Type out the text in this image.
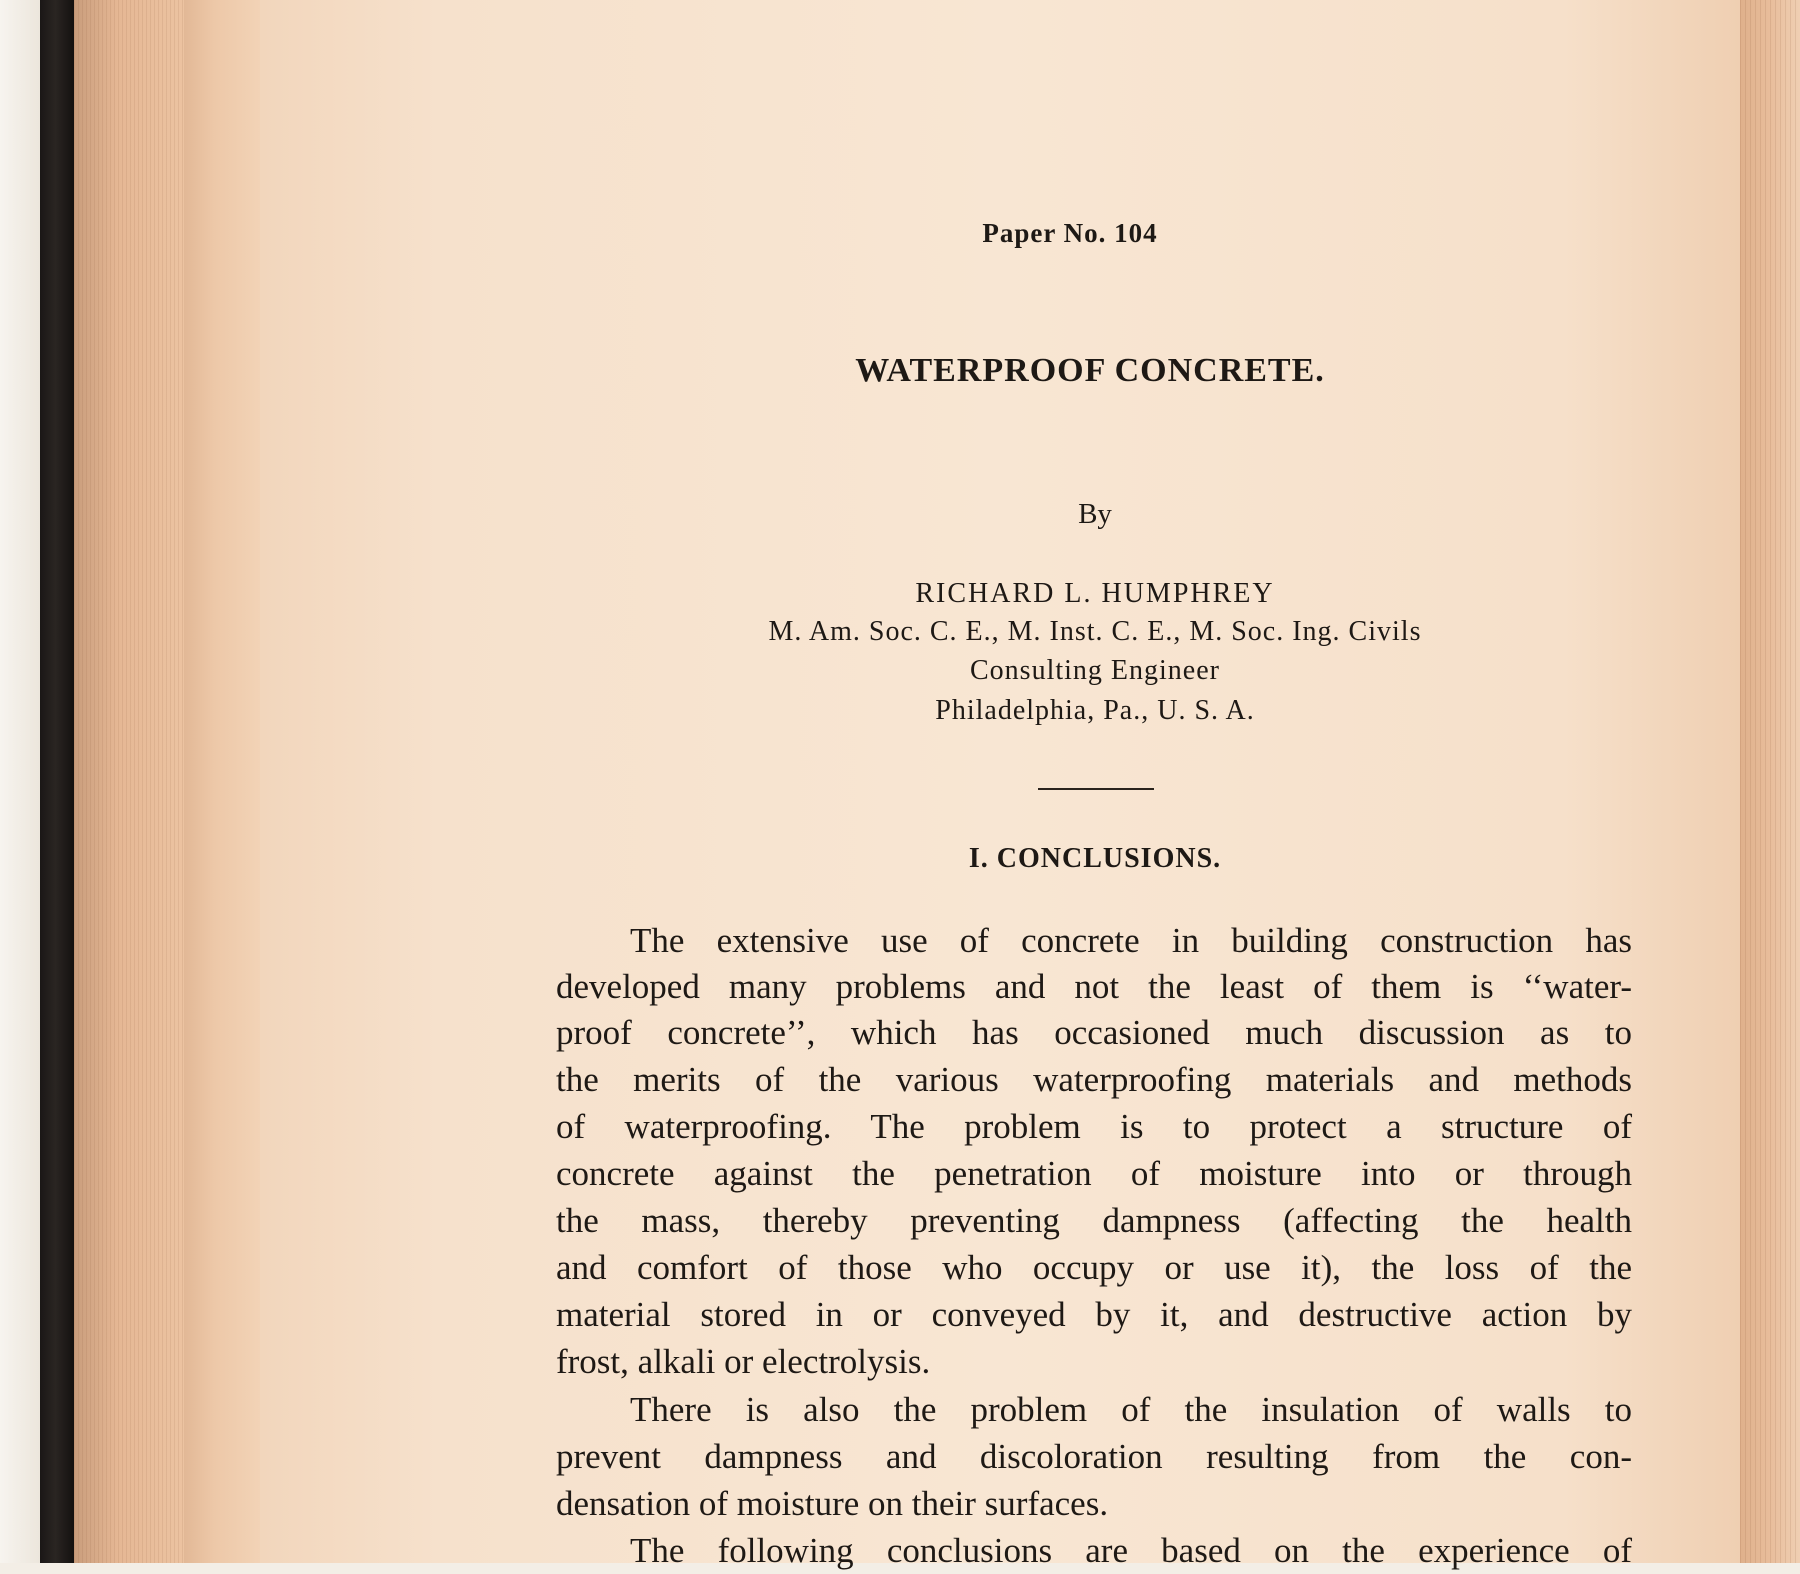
Paper No. 104

WATERPROOF CONCRETE.

By

RICHARD L. HUMPHREY

M. Am. Soc. C. E., M. Inst. C. E., M. Soc. Ing. Civils

Consulting Engineer

Philadelphia, Pa., U. S. A.

I. CONCLUSIONS.

The extensive use of concrete in building construction has

developed many problems and not the least of them is ‘‘water-

proof concrete’’, which has occasioned much discussion as to

the merits of the various waterproofing materials and methods

of waterproofing. The problem is to protect a structure of

concrete against the penetration of moisture into or through

the mass, thereby preventing dampness (affecting the health

and comfort of those who occupy or use it), the loss of the

material stored in or conveyed by it, and destructive action by

frost, alkali or electrolysis.

There is also the problem of the insulation of walls to

prevent dampness and discoloration resulting from the con-

densation of moisture on their surfaces.

The following conclusions are based on the experience of
